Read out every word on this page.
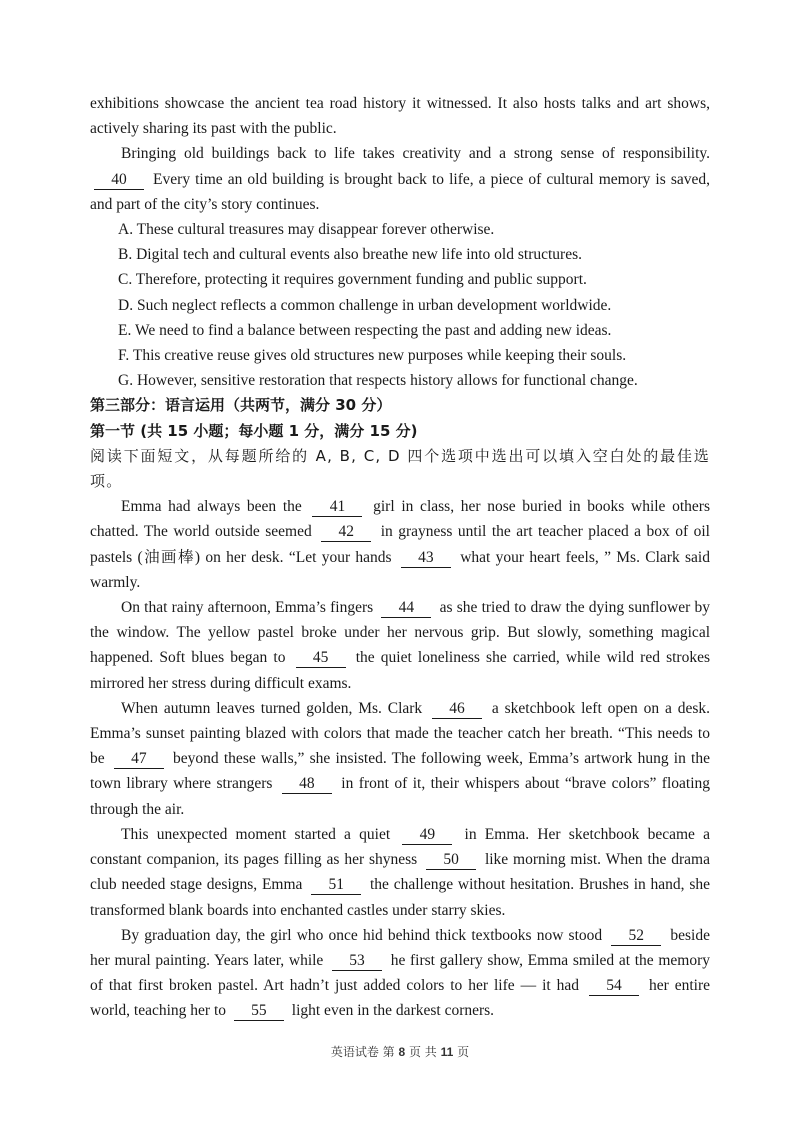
exhibitions showcase the ancient tea road history it witnessed. It also hosts talks and art shows, actively sharing its past with the public.

Bringing old buildings back to life takes creativity and a strong sense of responsibility. 40 Every time an old building is brought back to life, a piece of cultural memory is saved, and part of the city’s story continues.

A. These cultural treasures may disappear forever otherwise.

B. Digital tech and cultural events also breathe new life into old structures.

C. Therefore, protecting it requires government funding and public support.

D. Such neglect reflects a common challenge in urban development worldwide.

E. We need to find a balance between respecting the past and adding new ideas.

F. This creative reuse gives old structures new purposes while keeping their souls.

G. However, sensitive restoration that respects history allows for functional change.

第三部分：语言运用（共两节，满分 30 分）

第一节 (共 15 小题；每小题 1 分，满分 15 分)

阅读下面短文，从每题所给的 A, B, C, D 四个选项中选出可以填入空白处的最佳选项。

Emma had always been the 41 girl in class, her nose buried in books while others chatted. The world outside seemed 42 in grayness until the art teacher placed a box of oil pastels (油画棒) on her desk. “Let your hands 43 what your heart feels, ” Ms. Clark said warmly.

On that rainy afternoon, Emma’s fingers 44 as she tried to draw the dying sunflower by the window. The yellow pastel broke under her nervous grip. But slowly, something magical happened. Soft blues began to 45 the quiet loneliness she carried, while wild red strokes mirrored her stress during difficult exams.

When autumn leaves turned golden, Ms. Clark 46 a sketchbook left open on a desk. Emma’s sunset painting blazed with colors that made the teacher catch her breath. “This needs to be 47 beyond these walls,” she insisted. The following week, Emma’s artwork hung in the town library where strangers 48 in front of it, their whispers about “brave colors” floating through the air.

This unexpected moment started a quiet 49 in Emma. Her sketchbook became a constant companion, its pages filling as her shyness 50 like morning mist. When the drama club needed stage designs, Emma 51 the challenge without hesitation. Brushes in hand, she transformed blank boards into enchanted castles under starry skies.

By graduation day, the girl who once hid behind thick textbooks now stood 52 beside her mural painting. Years later, while 53 he first gallery show, Emma smiled at the memory of that first broken pastel. Art hadn’t just added colors to her life — it had 54 her entire world, teaching her to 55 light even in the darkest corners.

英语试卷 第 8 页 共 11 页
